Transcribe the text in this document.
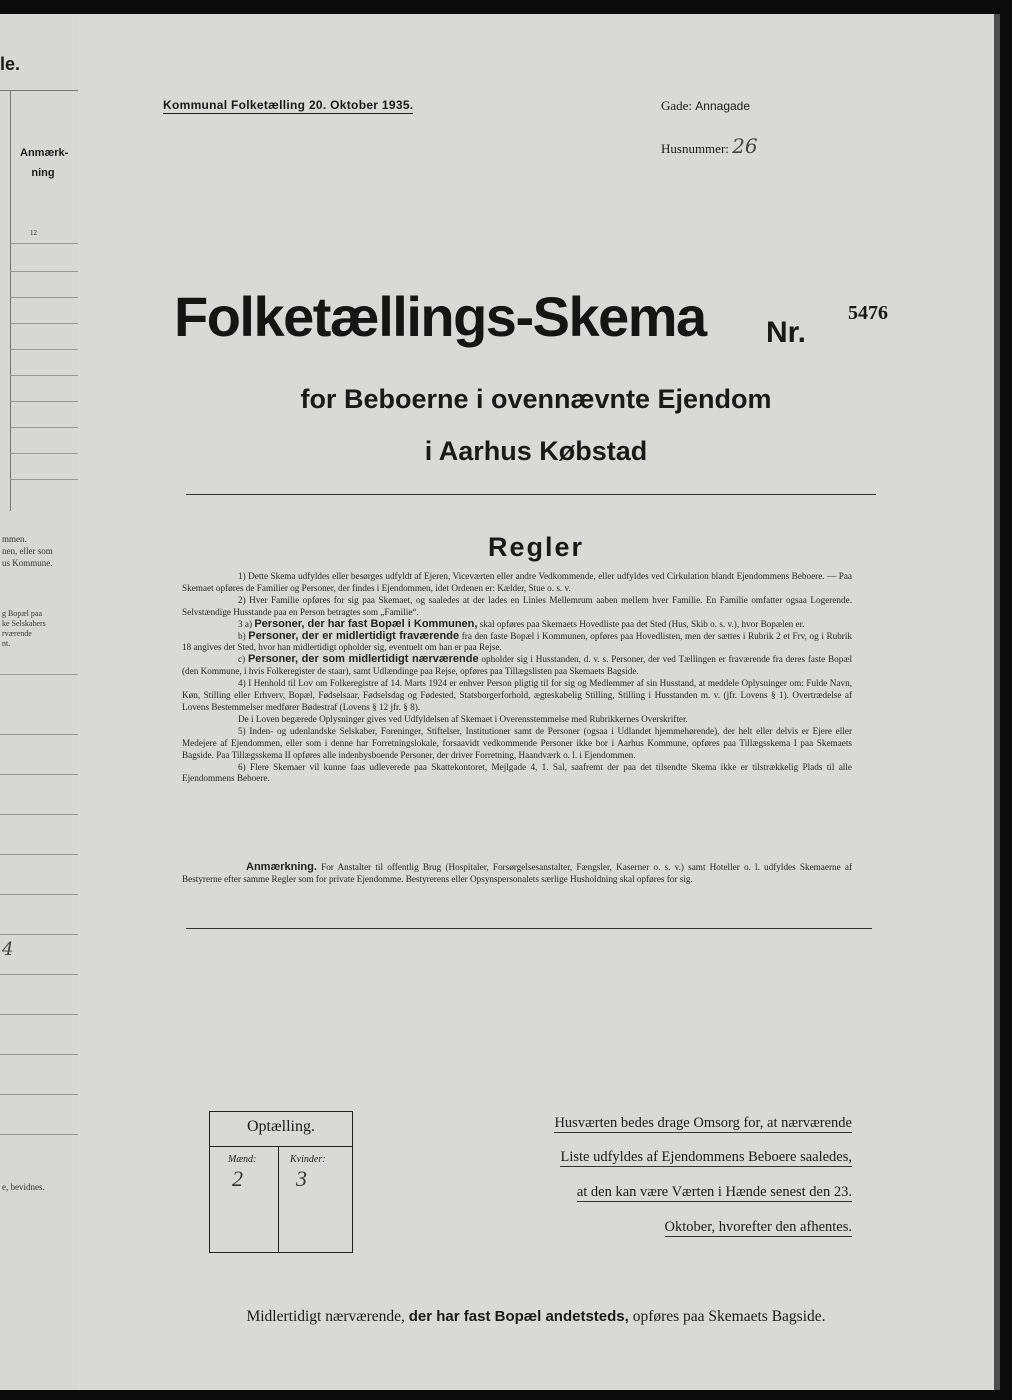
le.
Anmærk-
ning
12
mmen.
nen, eller som
us Kommune.
g Bopæl paa
ke Selskabers
rværende
nt.
4
e, bevidnes.
Kommunal Folketælling 20. Oktober 1935.	Gade: Annagade
Husnummer: 26
Folketællings-Skema Nr.
5476
for Beboerne i ovennævnte Ejendom
i Aarhus Købstad
Regler

1) Dette Skema udfyldes eller besørges udfyldt af Ejeren, Viceværten eller andre Vedkommende, eller udfyldes ved Cirkulation blandt Ejendommens Beboere. — Paa Skemaet opføres de Familier og Personer, der findes i Ejendommen, idet Ordenen er: Kælder, Stue o. s. v.

2) Hver Familie opføres for sig paa Skemaet, og saaledes at der lades en Linies Mellemrum aaben mellem hver Familie. En Familie omfatter ogsaa Logerende. Selvstændige Husstande paa en Person betragtes som „Familie“.

3 a) Personer, der har fast Bopæl i Kommunen, skal opføres paa Skemaets Hovedliste paa det Sted (Hus, Skib o. s. v.), hvor Bopælen er.

b) Personer, der er midlertidigt fraværende fra den faste Bopæl i Kommunen, opføres paa Hovedlisten, men der sættes i Rubrik 2 et Frv, og i Rubrik 18 angives det Sted, hvor han midlertidigt opholder sig, eventuelt om han er paa Rejse.

c) Personer, der som midlertidigt nærværende opholder sig i Husstanden, d. v. s. Personer, der ved Tællingen er fraværende fra deres faste Bopæl (den Kommune, i hvis Folkeregister de staar), samt Udlændinge paa Rejse, opføres paa Tillægslisten paa Skemaets Bagside.

4) I Henhold til Lov om Folkeregistre af 14. Marts 1924 er enhver Person pligtig til for sig og Medlemmer af sin Husstand, at meddele Oplysninger om: Fulde Navn, Køn, Stilling eller Erhverv, Bopæl, Fødselsaar, Fødselsdag og Fødested, Statsborgerforhold, ægteskabelig Stilling, Stilling i Husstanden m. v. (jfr. Lovens § 1). Overtrædelse af Lovens Bestemmelser medfører Bødestraf (Lovens § 12 jfr. § 8).

De i Loven begærede Oplysninger gives ved Udfyldelsen af Skemaet i Overensstemmelse med Rubrikkernes Overskrifter.

5) Inden- og udenlandske Selskaber, Foreninger, Stiftelser, Institutioner samt de Personer (ogsaa i Udlandet hjemmehørende), der helt eller delvis er Ejere eller Medejere af Ejendommen, eller som i denne har Forretningslokale, forsaavidt vedkommende Personer ikke bor i Aarhus Kommune, opføres paa Tillægsskema I paa Skemaets Bagside. Paa Tillægsskema II opføres alle indenbysboende Personer, der driver Forretning, Haandværk o. l. i Ejendommen.

6) Flere Skemaer vil kunne faas udleverede paa Skattekontoret, Mejlgade 4, 1. Sal, saafremt der paa det tilsendte Skema ikke er tilstrækkelig Plads til alle Ejendommens Beboere.

Anmærkning. For Anstalter til offentlig Brug (Hospitaler, Forsørgelsesanstalter, Fængsler, Kaserner o. s. v.) samt Hoteller o. l. udfyldes Skemaerne af Bestyrerne efter samme Regler som for private Ejendomme. Bestyrerens eller Opsynspersonalets særlige Husholdning skal opføres for sig.

Optælling.
Mænd:	Kvinder:
2 3
Husværten bedes drage Omsorg for, at nærværende
Liste udfyldes af Ejendommens Beboere saaledes,
at den kan være Værten i Hænde senest den 23.
Oktober, hvorefter den afhentes.
Midlertidigt nærværende, der har fast Bopæl andetsteds, opføres paa Skemaets Bagside.
